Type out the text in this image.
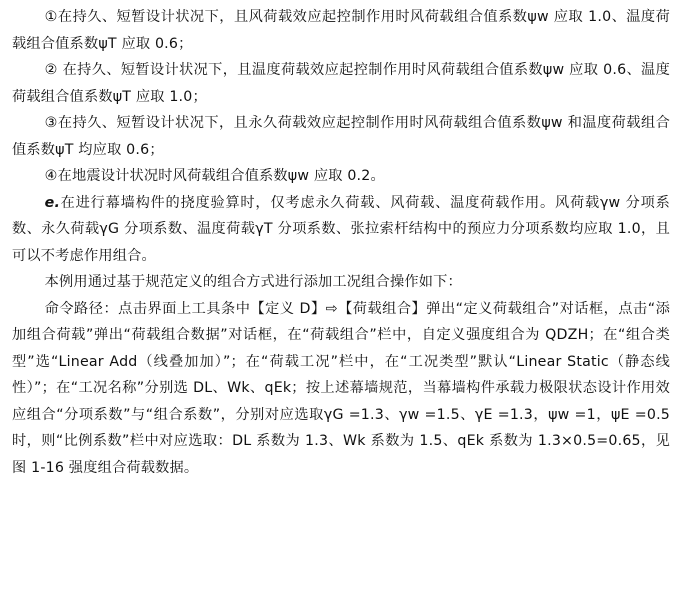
①在持久、短暂设计状况下，且风荷载效应起控制作用时风荷载组合值系数ψw 应取 1.0、温度荷载组合值系数ψT 应取 0.6；

② 在持久、短暂设计状况下，且温度荷载效应起控制作用时风荷载组合值系数ψw 应取 0.6、温度荷载组合值系数ψT 应取 1.0；

③在持久、短暂设计状况下，且永久荷载效应起控制作用时风荷载组合值系数ψw 和温度荷载组合值系数ψT 均应取 0.6；

④在地震设计状况时风荷载组合值系数ψw 应取 0.2。

e.在进行幕墙构件的挠度验算时，仅考虑永久荷载、风荷载、温度荷载作用。风荷载γw 分项系数、永久荷载γG 分项系数、温度荷载γT 分项系数、张拉索杆结构中的预应力分项系数均应取 1.0，且可以不考虑作用组合。

本例用通过基于规范定义的组合方式进行添加工况组合操作如下：

命令路径：点击界面上工具条中【定义 D】⇨【荷载组合】弹出“定义荷载组合”对话框，点击“添加组合荷载”弹出“荷载组合数据”对话框，在“荷载组合”栏中，自定义强度组合为 QDZH；在“组合类型”选“Linear Add（线叠加加）”；在“荷载工况”栏中，在“工况类型”默认“Linear Static（静态线性）”；在“工况名称”分别选 DL、Wk、qEk；按上述幕墙规范，当幕墙构件承载力极限状态设计作用效应组合“分项系数”与“组合系数”，分别对应选取γG =1.3、γw =1.5、γE =1.3，ψw =1，ψE =0.5 时，则“比例系数”栏中对应选取：DL 系数为 1.3、Wk 系数为 1.5、qEk 系数为 1.3×0.5=0.65，见图 1-16 强度组合荷载数据。
